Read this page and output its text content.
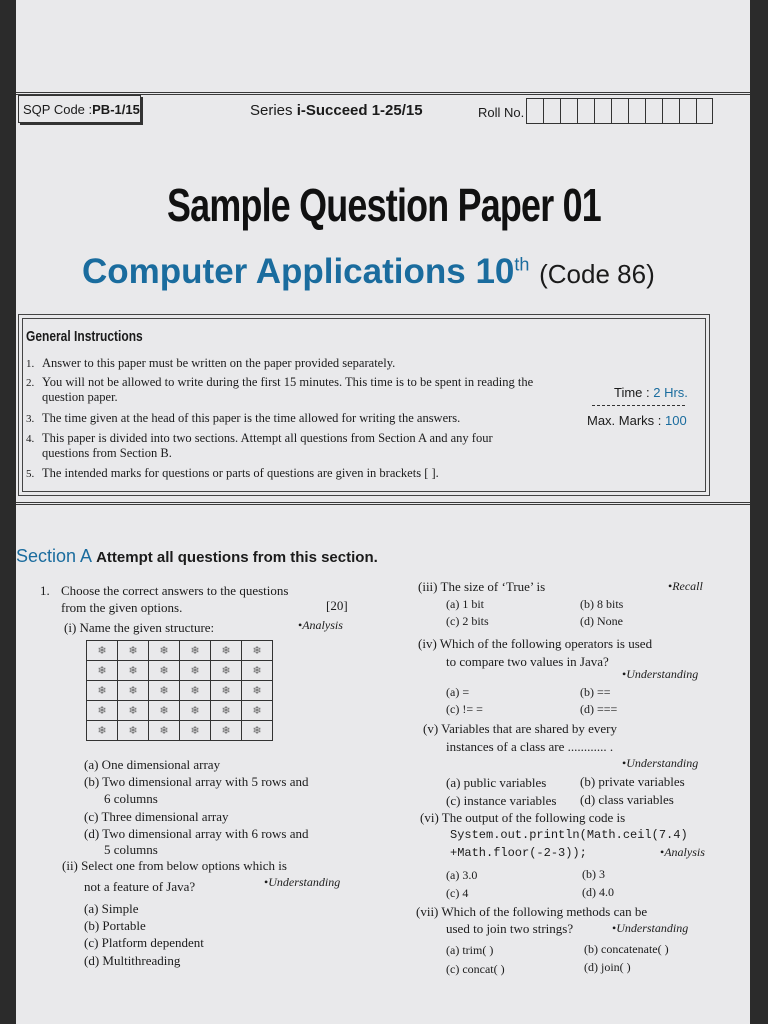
SQP Code : PB-1/15	Series i-Succeed 1-25/15	Roll No.
Sample Question Paper 01
Computer Applications 10th (Code 86)
General Instructions
1. Answer to this paper must be written on the paper provided separately.
2. You will not be allowed to write during the first 15 minutes. This time is to be spent in reading the question paper.
3. The time given at the head of this paper is the time allowed for writing the answers.
4. This paper is divided into two sections. Attempt all questions from Section A and any four questions from Section B.
5. The intended marks for questions or parts of questions are given in brackets [ ].
Time : 2 Hrs.
Max. Marks : 100
Section A Attempt all questions from this section.
1. Choose the correct answers to the questions
from the given options.	[20]
(i) Name the given structure:	• Analysis
❄	❄	❄	❄	❄	❄
❄	❄	❄	❄	❄	❄
❄	❄	❄	❄	❄	❄
❄	❄	❄	❄	❄	❄
❄	❄	❄	❄	❄	❄
(a) One dimensional array
(b) Two dimensional array with 5 rows and
6 columns
(c) Three dimensional array
(d) Two dimensional array with 6 rows and
5 columns
(ii) Select one from below options which is
not a feature of Java?	• Understanding
(a) Simple
(b) Portable
(c) Platform dependent
(d) Multithreading
(iii) The size of ‘True’ is	• Recall
(a) 1 bit	(b) 8 bits
(c) 2 bits	(d) None
(iv) Which of the following operators is used
to compare two values in Java?
• Understanding
(a) =	(b) ==
(c) != =	(d) ===
(v) Variables that are shared by every
instances of a class are ............ .
• Understanding
(a) public variables	(b) private variables
(c) instance variables (d) class variables
(vi) The output of the following code is
System.out.println(Math.ceil(7.4)
+Math.floor(-2-3));	• Analysis
(a) 3.0	(b) 3
(c) 4	(d) 4.0
(vii) Which of the following methods can be
used to join two strings?	• Understanding
(a) trim( )	(b) concatenate( )
(c) concat( )	(d) join( )
